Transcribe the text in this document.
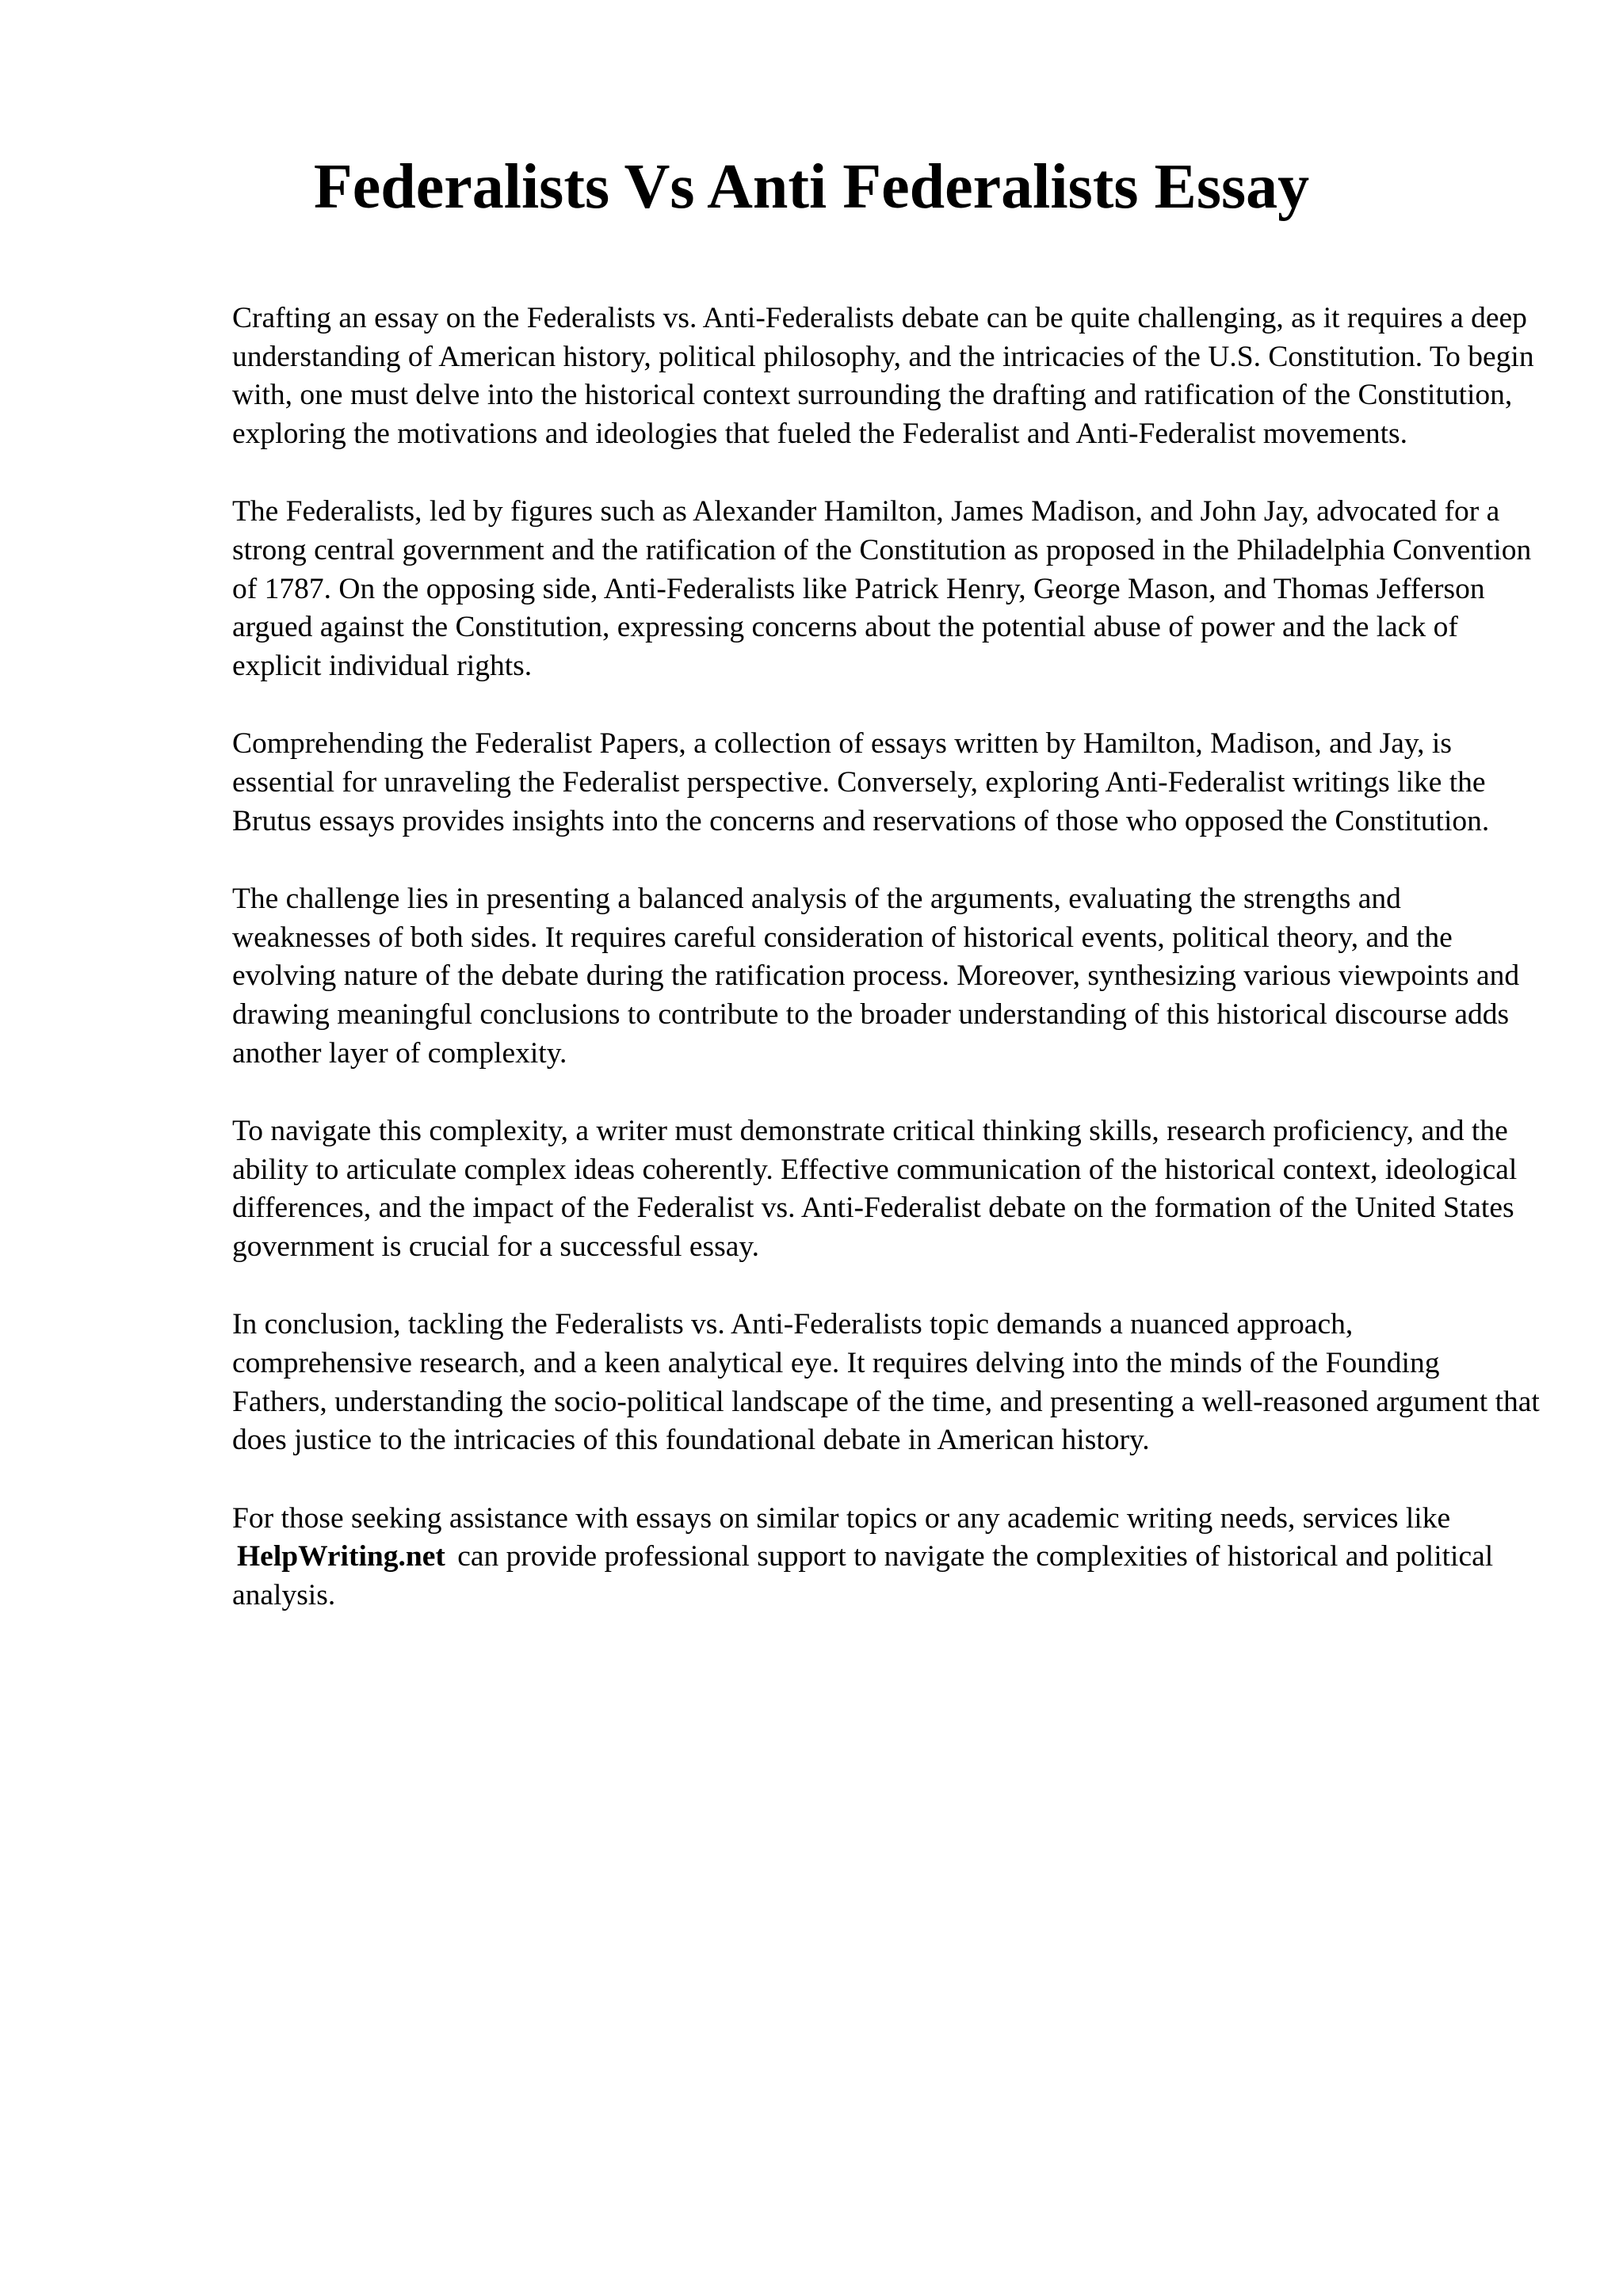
Federalists Vs Anti Federalists Essay

Crafting an essay on the Federalists vs. Anti-Federalists debate can be quite challenging, as it requires a deep understanding of American history, political philosophy, and the intricacies of the U.S. Constitution. To begin with, one must delve into the historical context surrounding the drafting and ratification of the Constitution, exploring the motivations and ideologies that fueled the Federalist and Anti-Federalist movements.

The Federalists, led by figures such as Alexander Hamilton, James Madison, and John Jay, advocated for a strong central government and the ratification of the Constitution as proposed in the Philadelphia Convention of 1787. On the opposing side, Anti-Federalists like Patrick Henry, George Mason, and Thomas Jefferson argued against the Constitution, expressing concerns about the potential abuse of power and the lack of explicit individual rights.

Comprehending the Federalist Papers, a collection of essays written by Hamilton, Madison, and Jay, is essential for unraveling the Federalist perspective. Conversely, exploring Anti-Federalist writings like the Brutus essays provides insights into the concerns and reservations of those who opposed the Constitution.

The challenge lies in presenting a balanced analysis of the arguments, evaluating the strengths and weaknesses of both sides. It requires careful consideration of historical events, political theory, and the evolving nature of the debate during the ratification process. Moreover, synthesizing various viewpoints and drawing meaningful conclusions to contribute to the broader understanding of this historical discourse adds another layer of complexity.

To navigate this complexity, a writer must demonstrate critical thinking skills, research proficiency, and the ability to articulate complex ideas coherently. Effective communication of the historical context, ideological differences, and the impact of the Federalist vs. Anti-Federalist debate on the formation of the United States government is crucial for a successful essay.

In conclusion, tackling the Federalists vs. Anti-Federalists topic demands a nuanced approach, comprehensive research, and a keen analytical eye. It requires delving into the minds of the Founding Fathers, understanding the socio-political landscape of the time, and presenting a well-reasoned argument that does justice to the intricacies of this foundational debate in American history.

For those seeking assistance with essays on similar topics or any academic writing needs, services like HelpWriting.net can provide professional support to navigate the complexities of historical and political analysis.
